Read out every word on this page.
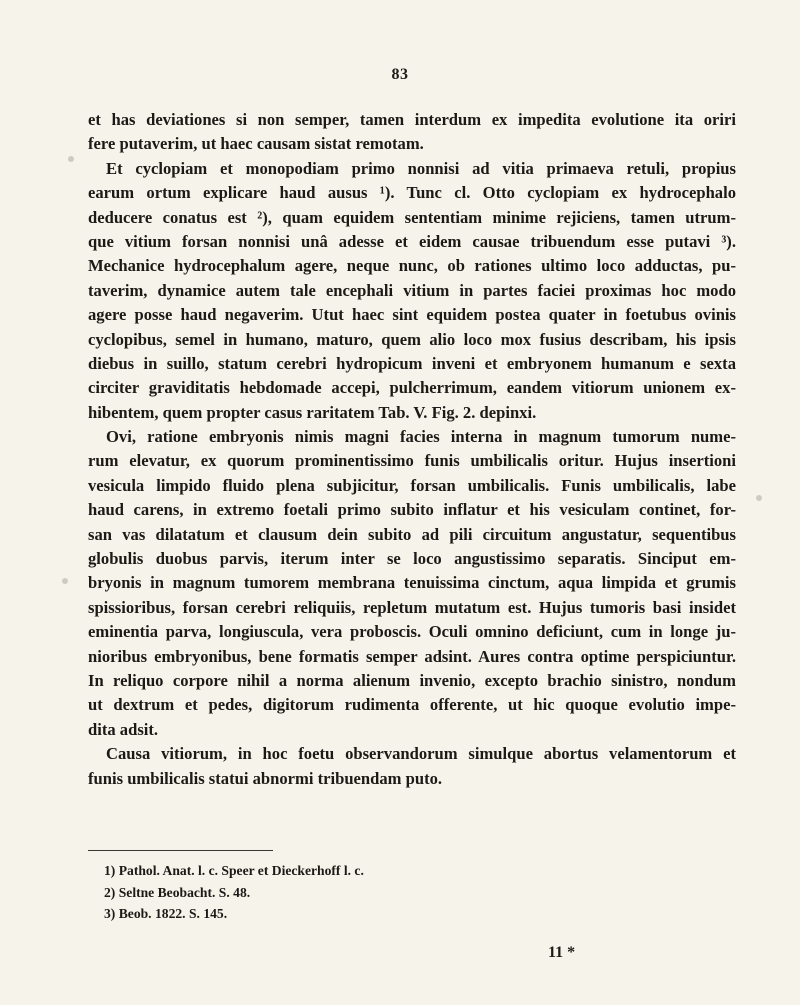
83
et has deviationes si non semper, tamen interdum ex impedita evolutione ita oriri
fere putaverim, ut haec causam sistat remotam.
Et cyclopiam et monopodiam primo nonnisi ad vitia primaeva retuli, propius
earum ortum explicare haud ausus ¹). Tunc cl. Otto cyclopiam ex hydrocephalo
deducere conatus est ²), quam equidem sententiam minime rejiciens, tamen utrum-
que vitium forsan nonnisi unâ adesse et eidem causae tribuendum esse putavi ³).
Mechanice hydrocephalum agere, neque nunc, ob rationes ultimo loco adductas, pu-
taverim, dynamice autem tale encephali vitium in partes faciei proximas hoc modo
agere posse haud negaverim. Utut haec sint equidem postea quater in foetubus ovinis
cyclopibus, semel in humano, maturo, quem alio loco mox fusius describam, his ipsis
diebus in suillo, statum cerebri hydropicum inveni et embryonem humanum e sexta
circiter graviditatis hebdomade accepi, pulcherrimum, eandem vitiorum unionem ex-
hibentem, quem propter casus raritatem Tab. V. Fig. 2. depinxi.
Ovi, ratione embryonis nimis magni facies interna in magnum tumorum nume-
rum elevatur, ex quorum prominentissimo funis umbilicalis oritur. Hujus insertioni
vesicula limpido fluido plena subjicitur, forsan umbilicalis. Funis umbilicalis, labe
haud carens, in extremo foetali primo subito inflatur et his vesiculam continet, for-
san vas dilatatum et clausum dein subito ad pili circuitum angustatur, sequentibus
globulis duobus parvis, iterum inter se loco angustissimo separatis. Sinciput em-
bryonis in magnum tumorem membrana tenuissima cinctum, aqua limpida et grumis
spissioribus, forsan cerebri reliquiis, repletum mutatum est. Hujus tumoris basi insidet
eminentia parva, longiuscula, vera proboscis. Oculi omnino deficiunt, cum in longe ju-
nioribus embryonibus, bene formatis semper adsint. Aures contra optime perspiciuntur.
In reliquo corpore nihil a norma alienum invenio, excepto brachio sinistro, nondum
ut dextrum et pedes, digitorum rudimenta offerente, ut hic quoque evolutio impe-
dita adsit.
Causa vitiorum, in hoc foetu observandorum simulque abortus velamentorum et
funis umbilicalis statui abnormi tribuendam puto.
1) Pathol. Anat. l. c. Speer et Dieckerhoff l. c.
2) Seltne Beobacht. S. 48.
3) Beob. 1822. S. 145.
11 *
